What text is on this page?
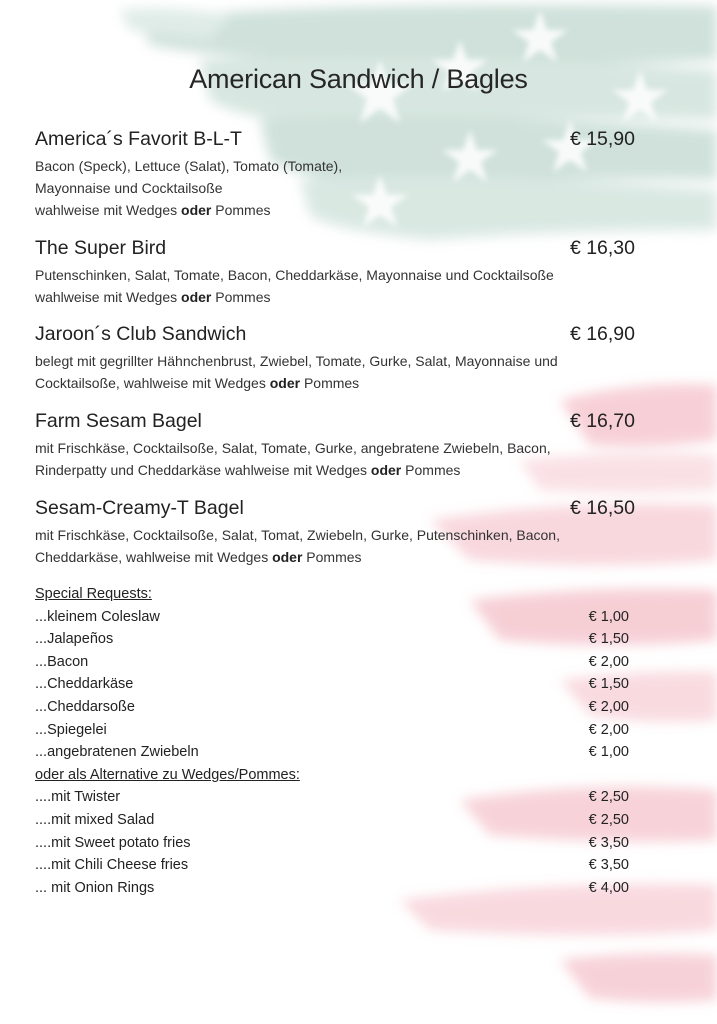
American Sandwich / Bagles
America´s Favorit B-L-T	€ 15,90
Bacon (Speck), Lettuce (Salat), Tomato (Tomate),
Mayonnaise und Cocktailsoße
wahlweise mit Wedges oder Pommes
The Super Bird	€ 16,30
Putenschinken, Salat, Tomate, Bacon, Cheddarkäse, Mayonnaise und Cocktailsoße
wahlweise mit Wedges oder Pommes
Jaroon´s Club Sandwich	€ 16,90
belegt mit gegrillter Hähnchenbrust, Zwiebel, Tomate, Gurke, Salat, Mayonnaise und
Cocktailsoße, wahlweise mit Wedges oder Pommes
Farm Sesam Bagel	€ 16,70
mit Frischkäse, Cocktailsoße, Salat, Tomate, Gurke, angebratene Zwiebeln, Bacon,
Rinderpatty und Cheddarkäse wahlweise mit Wedges oder Pommes
Sesam-Creamy-T Bagel	€ 16,50
mit Frischkäse, Cocktailsoße, Salat, Tomat, Zwiebeln, Gurke, Putenschinken, Bacon,
Cheddarkäse, wahlweise mit Wedges oder Pommes
Special Requests:
...kleinem Coleslaw	€ 1,00
...Jalapeños	€ 1,50
...Bacon	€ 2,00
...Cheddarkäse	€ 1,50
...Cheddarsoße	€ 2,00
...Spiegelei	€ 2,00
...angebratenen Zwiebeln	€ 1,00
oder als Alternative zu Wedges/Pommes:
....mit Twister	€ 2,50
....mit mixed Salad	€ 2,50
....mit Sweet potato fries	€ 3,50
....mit Chili Cheese fries	€ 3,50
... mit Onion Rings	€ 4,00
